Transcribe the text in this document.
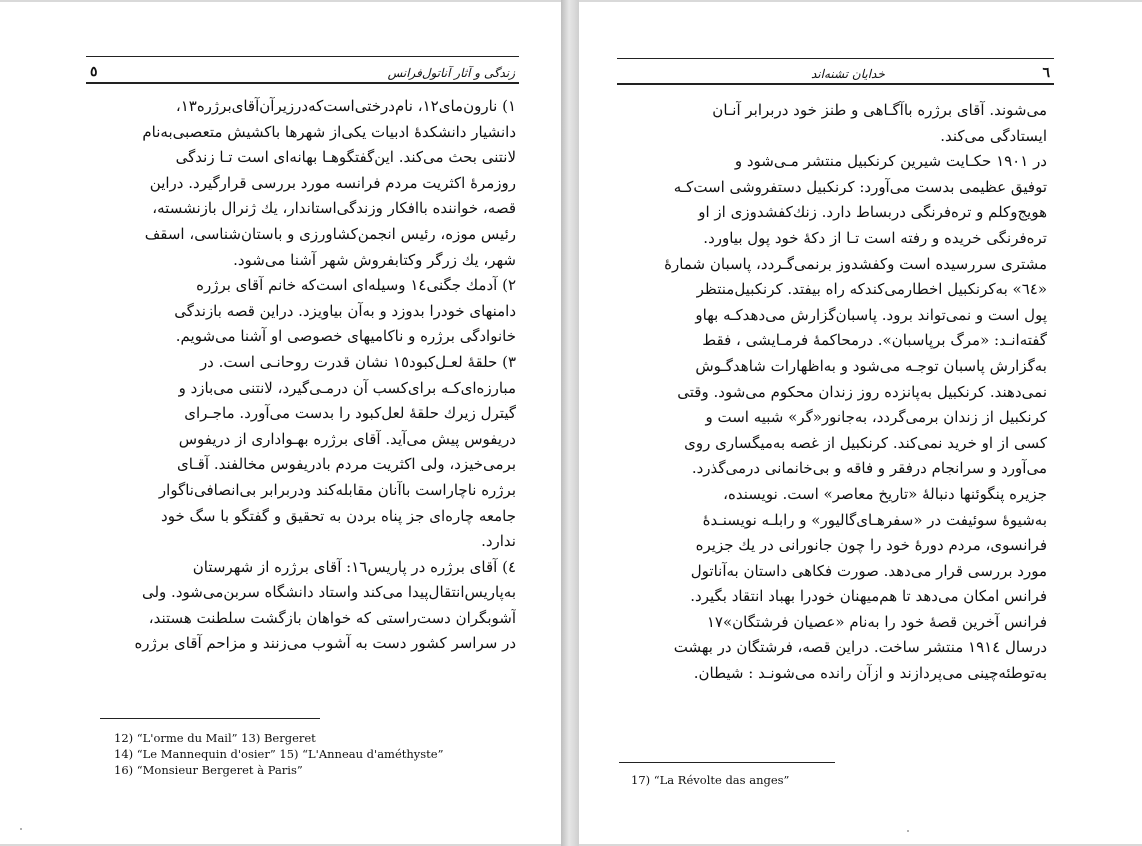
٥	زندگی و آثار آناتول‌فرانس
١) نارون‌مای١٢، نام‌درختی‌است‌که‌درزیرآن‌آقای‌برژره١٣،
دانشیار دانشکدهٔ ادبیات یکی‌از شهرها باکشیش متعصبی‌به‌نام
لانتنی بحث می‌کند. این‌گفتگوهـا بهانه‌ای است تـا زندگی
روزمرهٔ اکثریت مردم فرانسه مورد بررسی قرار‌گیرد. دراین
قصه، خواننده باافکار وزندگی‌استاندار، یك ژنرال بازنشسته،
رئیس موزه، رئیس انجمن‌کشاورزی و باستان‌شناسی، اسقف
شهر، یك زرگر وکتابفروش شهر آشنا می‌شود.
٢) آدمك جگنی١٤ وسیله‌ای است‌که خانم آقای برژره
دامنهای خودرا بدوزد و به‌آن بیاویزد. دراین قصه بازندگی
خانوادگی برژره و ناکامیهای خصوصی او آشنا می‌شویم.
٣) حلقهٔ لعـل‌کبود١٥ نشان قدرت روحانـی است. در
مبارزه‌ای‌کـه برای‌کسب آن درمـی‌گیرد، لانتنی می‌بازد و
گیترل زیرك حلقهٔ لعل‌کبود را بدست می‌آورد. ماجـرای
دریفوس پیش می‌آید. آقای برژره بهـواداری از دریفوس
برمی‌خیزد، ولی اکثریت مردم بادریفوس مخالفند. آقـای
برژره ناچاراست باآنان مقابله‌کند ودربرابر بی‌انصافی‌ناگوار
جامعه چاره‌ای جز پناه بردن به تحقیق و گفتگو با سگ خود
ندارد.
٤) آقای برژره در پاریس١٦: آقای برژره از شهرستان
به‌پاریس‌انتقال‌پیدا می‌کند واستاد دانشگاه سربن‌می‌شود. ولی
آشوبگران دست‌راستی که خواهان بازگشت سلطنت هستند،
در سراسر کشور دست به آشوب می‌زنند و مزاحم آقای برژره
12) “L'orme du Mail” 13) Bergeret
14) “Le Mannequin d'osier” 15) “L'Anneau d'améthyste”
16) “Monsieur Bergeret à Paris”
خدایان تشنه‌اند	٦
می‌شوند. آقای برژره باآگـاهی و طنز خود دربرابر آنـان
ایستادگی می‌کند.
در ١٩٠١ حکـایت شیرین کرنکبیل منتشر مـی‌شود و
توفیق عظیمی بدست می‌آورد: کرنکبیل دستفروشی است‌کـه
هویج‌وکلم و تره‌فرنگی دربساط دارد. زنك‌کفشدوزی از او
تره‌فرنگی خریده و رفته است تـا از دکهٔ خود پول بیاورد.
مشتری سررسیده است وکفشدوز برنمی‌گـردد، پاسبان شمارهٔ
«٦٤» به‌کرنکبیل اخطارمی‌کندکه راه بیفتد. کرنکبیل‌منتظر
پول است و نمی‌تواند برود. پاسبان‌گزارش می‌دهدکـه بهاو
گفته‌انـد: «مرگ برپاسبان». درمحاکمهٔ فرمـایشی ، فقط
به‌گزارش پاسبان توجـه می‌شود و به‌اظهارات شاهدگـوش
نمی‌دهند. کرنکبیل به‌پانزده روز زندان محکوم می‌شود. وقتی
کرنکبیل از زندان برمی‌گردد، به‌جانور«گر» شبیه است و
کسی از او خرید نمی‌کند. کرنکبیل از غصه به‌میگساری روی
می‌آورد و سرانجام درفقر و فاقه و بی‌خانمانی درمی‌گذرد.
جزیره پنگوئنها دنبالهٔ «تاریخ معاصر» است. نویسنده،
به‌شیوهٔ سوئیفت در «سفرهـای‌گالیور» و رابلـه نویسنـدهٔ
فرانسوی، مردم دورهٔ خود را چون جانورانی در یك جزیره
مورد بررسی قرار می‌دهد. صورت فکاهی داستان به‌آناتول
فرانس امکان می‌دهد تا هم‌میهنان خودرا بهباد انتقاد بگیرد.
فرانس آخرین قصهٔ خود را به‌نام «عصیان فرشتگان»١٧
درسال ١٩١٤ منتشر ساخت. دراین قصه، فرشتگان در بهشت
به‌توطئه‌چینی می‌پردازند و ازآن رانده می‌شونـد : شیطان.
17) “La Révolte das anges”
